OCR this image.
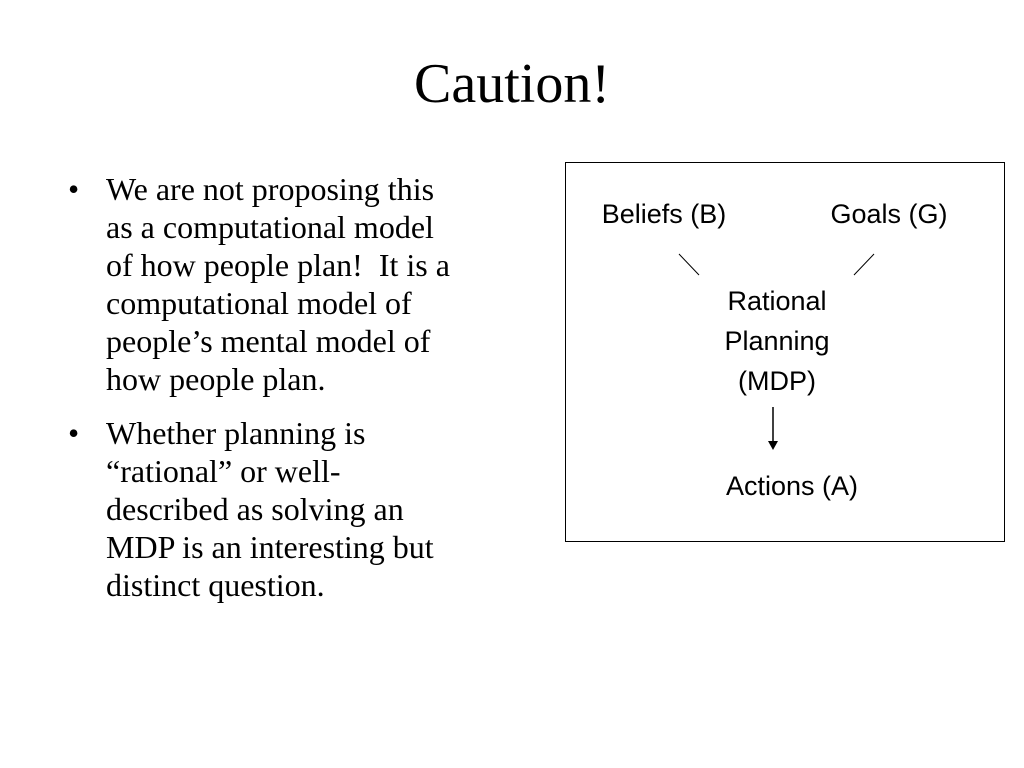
Caution!
• We are not proposing this
as a computational model
of how people plan!  It is a
computational model of
people’s mental model of
how people plan.
• Whether planning is
“rational” or well-
described as solving an
MDP is an interesting but
distinct question.
Beliefs (B)	Goals (G)
Rational
Planning
(MDP)
Actions (A)
